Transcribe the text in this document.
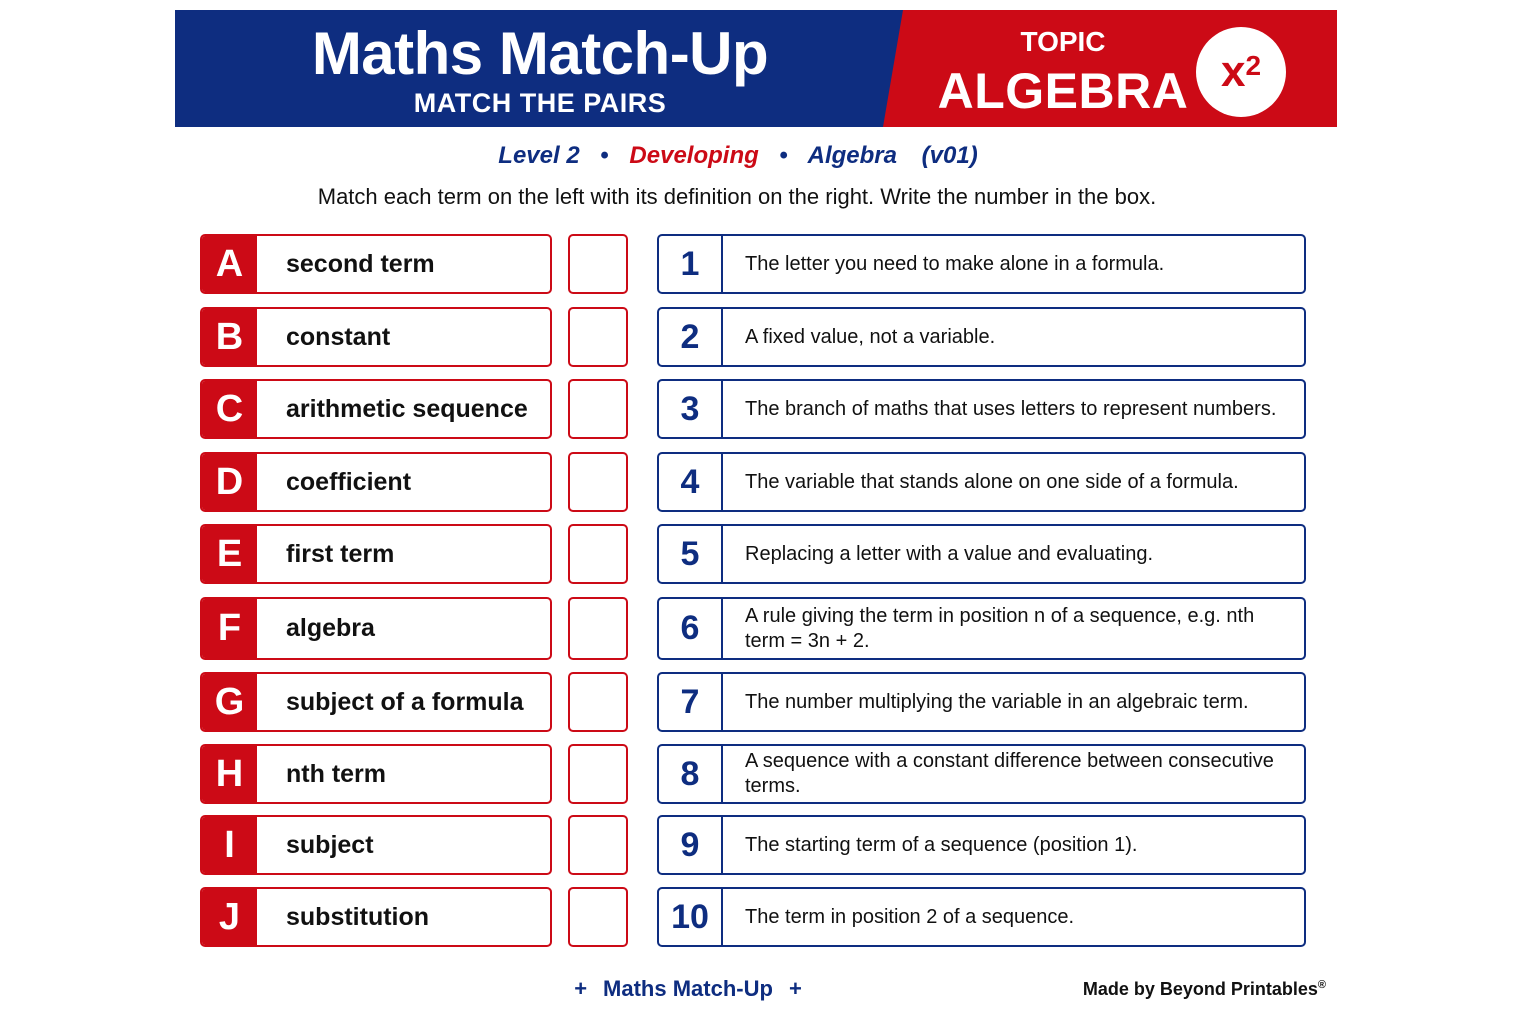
Maths Match-Up
MATCH THE PAIRS
TOPIC
ALGEBRA $x^2$
Level 2 • Developing • Algebra (v01)
Match each term on the left with its definition on the right. Write the number in the box.
A	second term
B	constant
C	arithmetic sequence
D	coefficient
E	first term
F	algebra
G	subject of a formula
H	nth term
I	subject
J	substitution
1	The letter you need to make alone in a formula.
2	A fixed value, not a variable.
3	The branch of maths that uses letters to represent numbers.
4	The variable that stands alone on one side of a formula.
5	Replacing a letter with a value and evaluating.
6	A rule giving the term in position n of a sequence, e.g. nth term = 3n + 2.
7	The number multiplying the variable in an algebraic term.
8	A sequence with a constant difference between consecutive terms.
9	The starting term of a sequence (position 1).
10	The term in position 2 of a sequence.
+ Maths Match-Up +	Made by Beyond Printables®
